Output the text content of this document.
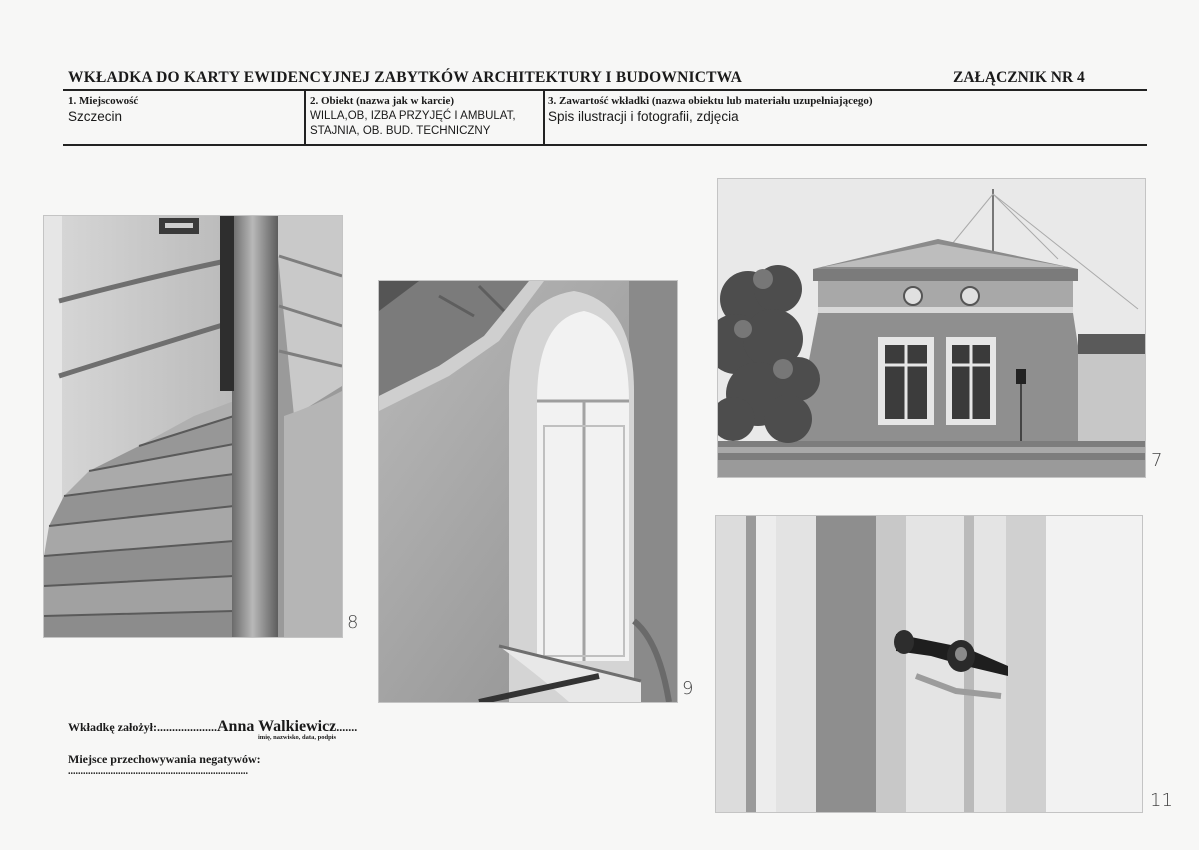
WKŁADKA DO KARTY EWIDENCYJNEJ ZABYTKÓW ARCHITEKTURY I BUDOWNICTWA	ZAŁĄCZNIK NR 4
1. Miejscowość
Szczecin
2. Obiekt (nazwa jak w karcie)
WILLA,OB, IZBA PRZYJĘĆ I AMBULAT,
STAJNIA, OB. BUD. TECHNICZNY
3. Zawartość wkładki (nazwa obiektu lub materiału uzupełniającego)
Spis ilustracji i fotografii, zdjęcia
8
9
7
11
Wkładkę założył:....................Anna Walkiewicz.......
imię, nazwisko, data, podpis
Miejsce przechowywania negatywów:
........................................................................
